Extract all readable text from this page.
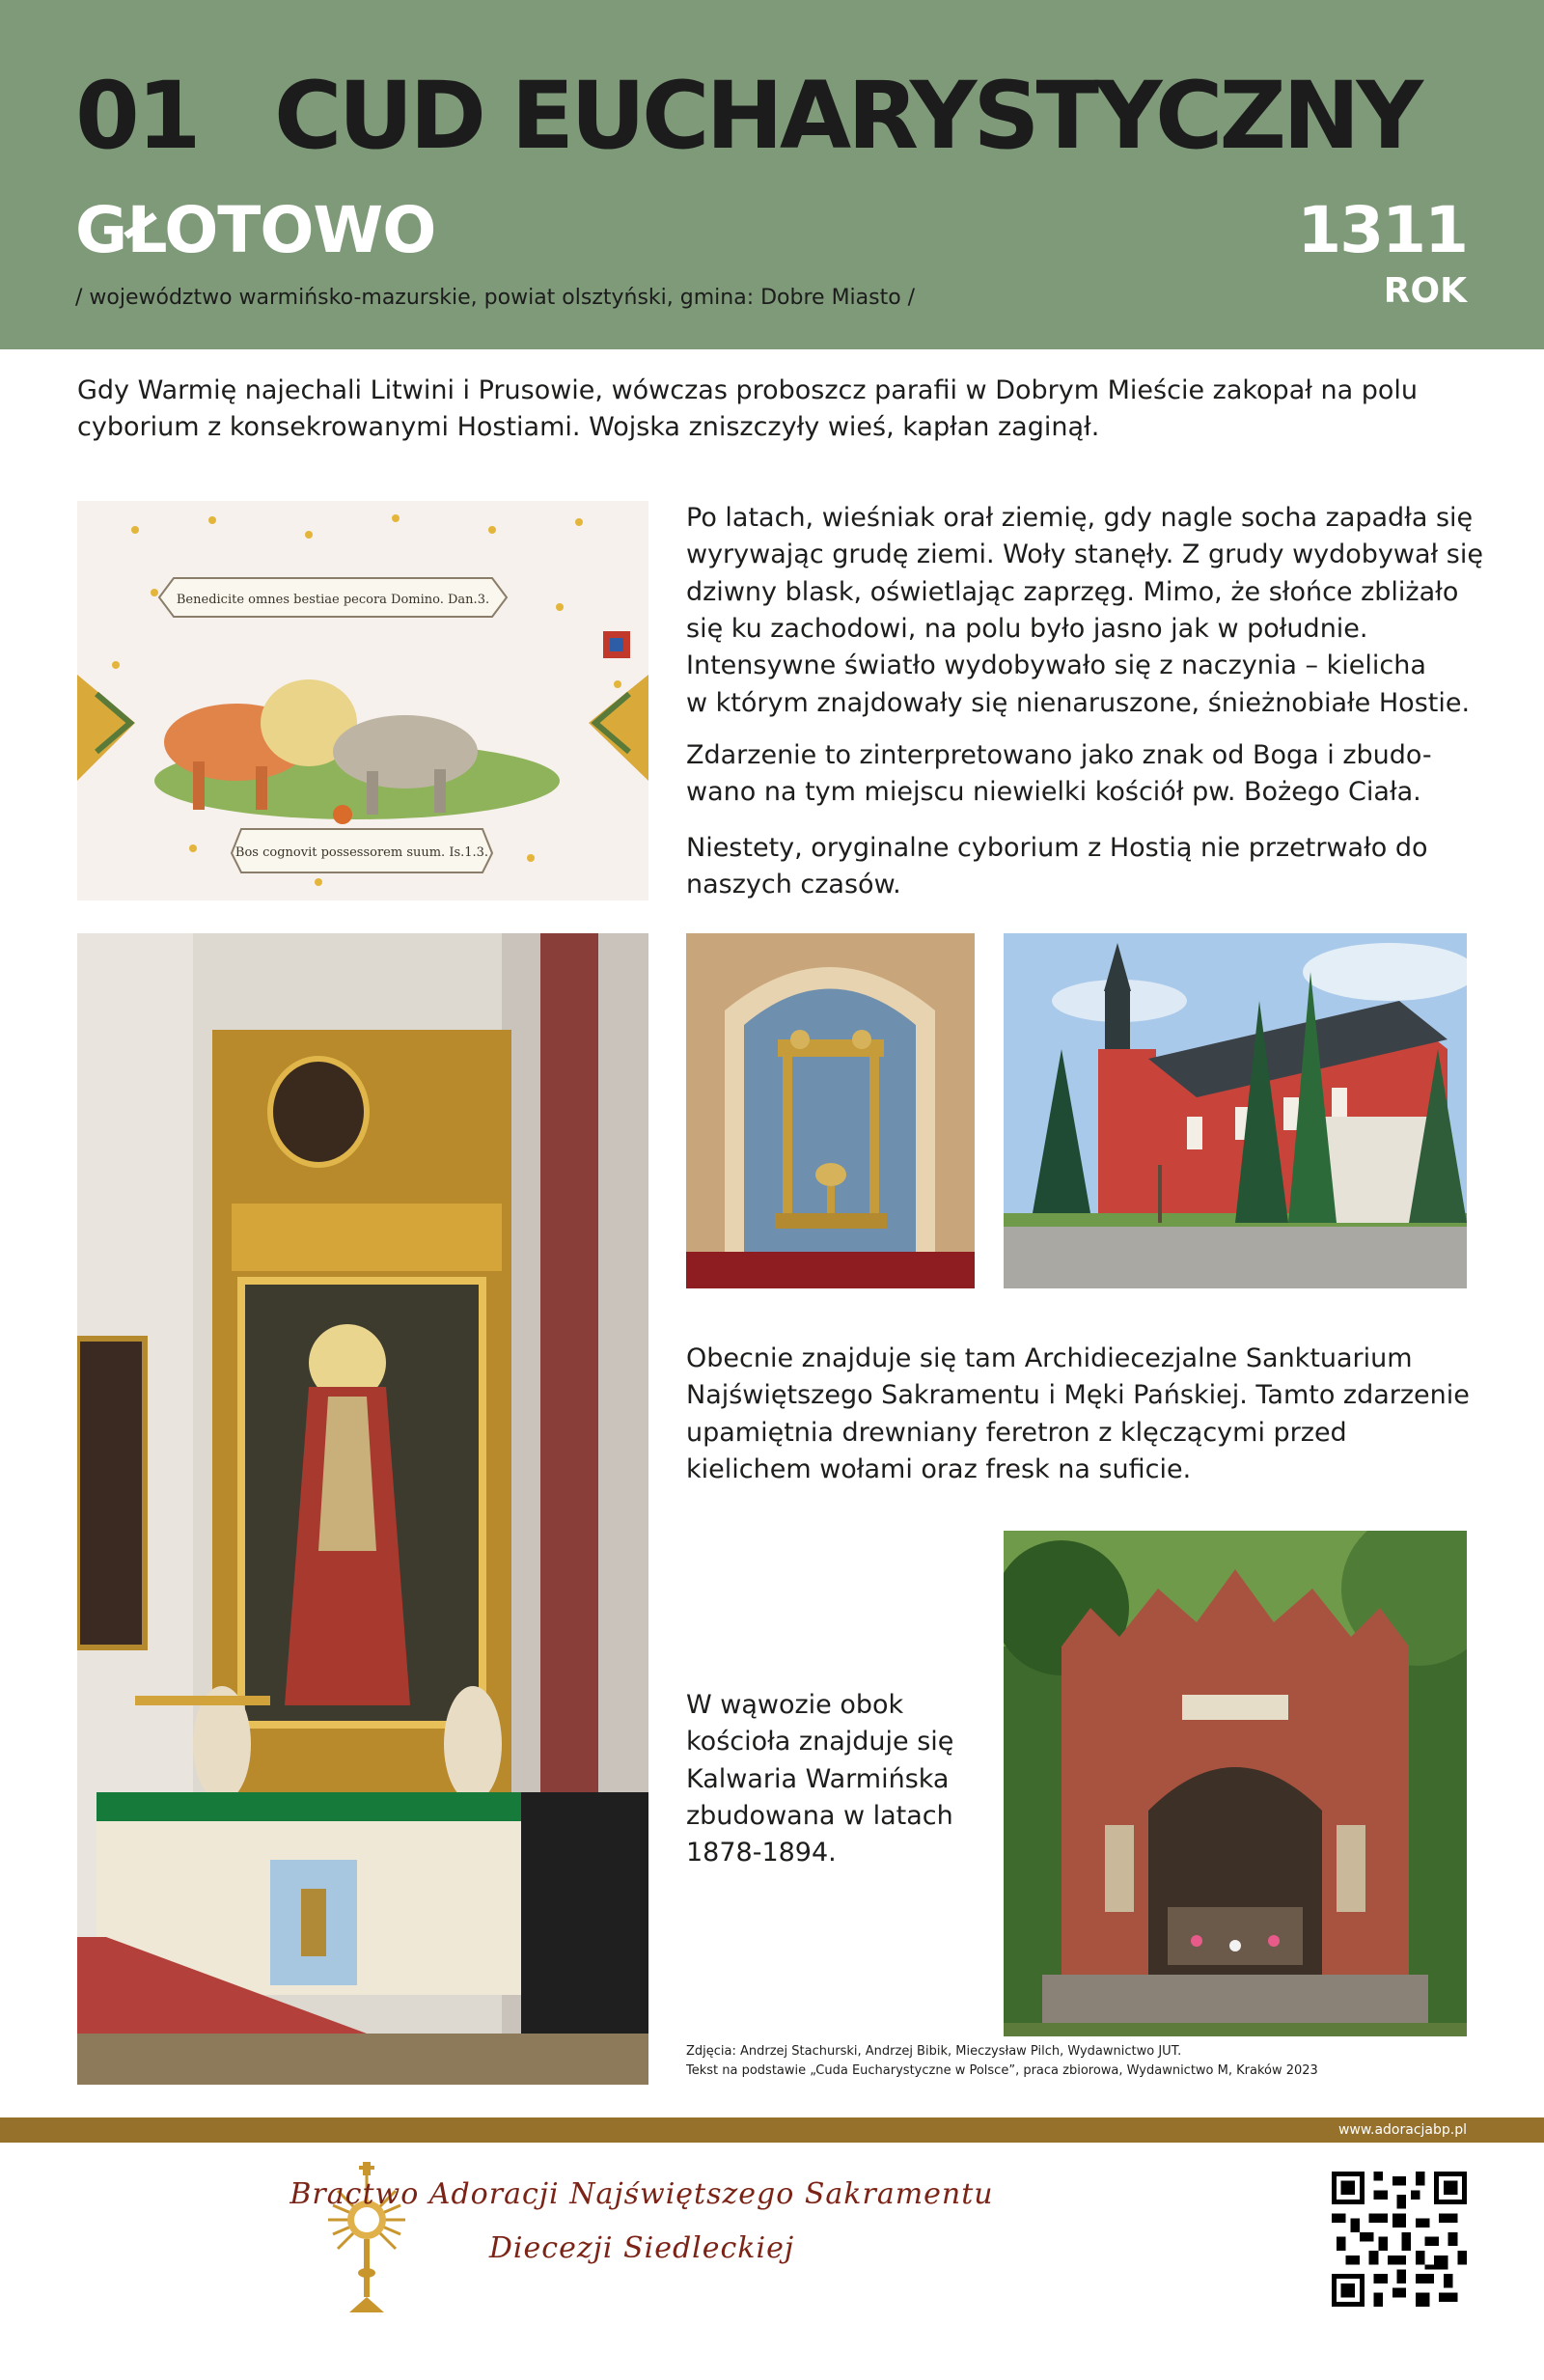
01 CUD EUCHARYSTYCZNY
GŁOTOWO	1311
ROK
/ województwo warmińsko-mazurskie, powiat olsztyński, gmina: Dobre Miasto /
Gdy Warmię najechali Litwini i Prusowie, wówczas proboszcz parafii w Dobrym Mieście zakopał na polu
cyborium z konsekrowanymi Hostiami. Wojska zniszczyły wieś, kapłan zaginął.
Benedicite omnes bestiae pecora Domino. Dan.3.
Bos cognovit possessorem suum. Is.1.3.
Po latach, wieśniak orał ziemię, gdy nagle socha zapadła się
wyrywając grudę ziemi. Woły stanęły. Z grudy wydobywał się
dziwny blask, oświetlając zaprzęg. Mimo, że słońce zbliżało
się ku zachodowi, na polu było jasno jak w południe.
Intensywne światło wydobywało się z naczynia – kielicha
w którym znajdowały się nienaruszone, śnieżnobiałe Hostie.
Zdarzenie to zinterpretowano jako znak od Boga i zbudo-
wano na tym miejscu niewielki kościół pw. Bożego Ciała.
Niestety, oryginalne cyborium z Hostią nie przetrwało do
naszych czasów.
Obecnie znajduje się tam Archidiecezjalne Sanktuarium
Najświętszego Sakramentu i Męki Pańskiej. Tamto zdarzenie
upamiętnia drewniany feretron z klęczącymi przed
kielichem wołami oraz fresk na suficie.
W wąwozie obok
kościoła znajduje się
Kalwaria Warmińska
zbudowana w latach
1878-1894.
Zdjęcia: Andrzej Stachurski, Andrzej Bibik, Mieczysław Pilch, Wydawnictwo JUT.
Tekst na podstawie „Cuda Eucharystyczne w Polsce”, praca zbiorowa, Wydawnictwo M, Kraków 2023
www.adoracjabp.pl
Bractwo Adoracji Najświętszego Sakramentu
Diecezji Siedleckiej
